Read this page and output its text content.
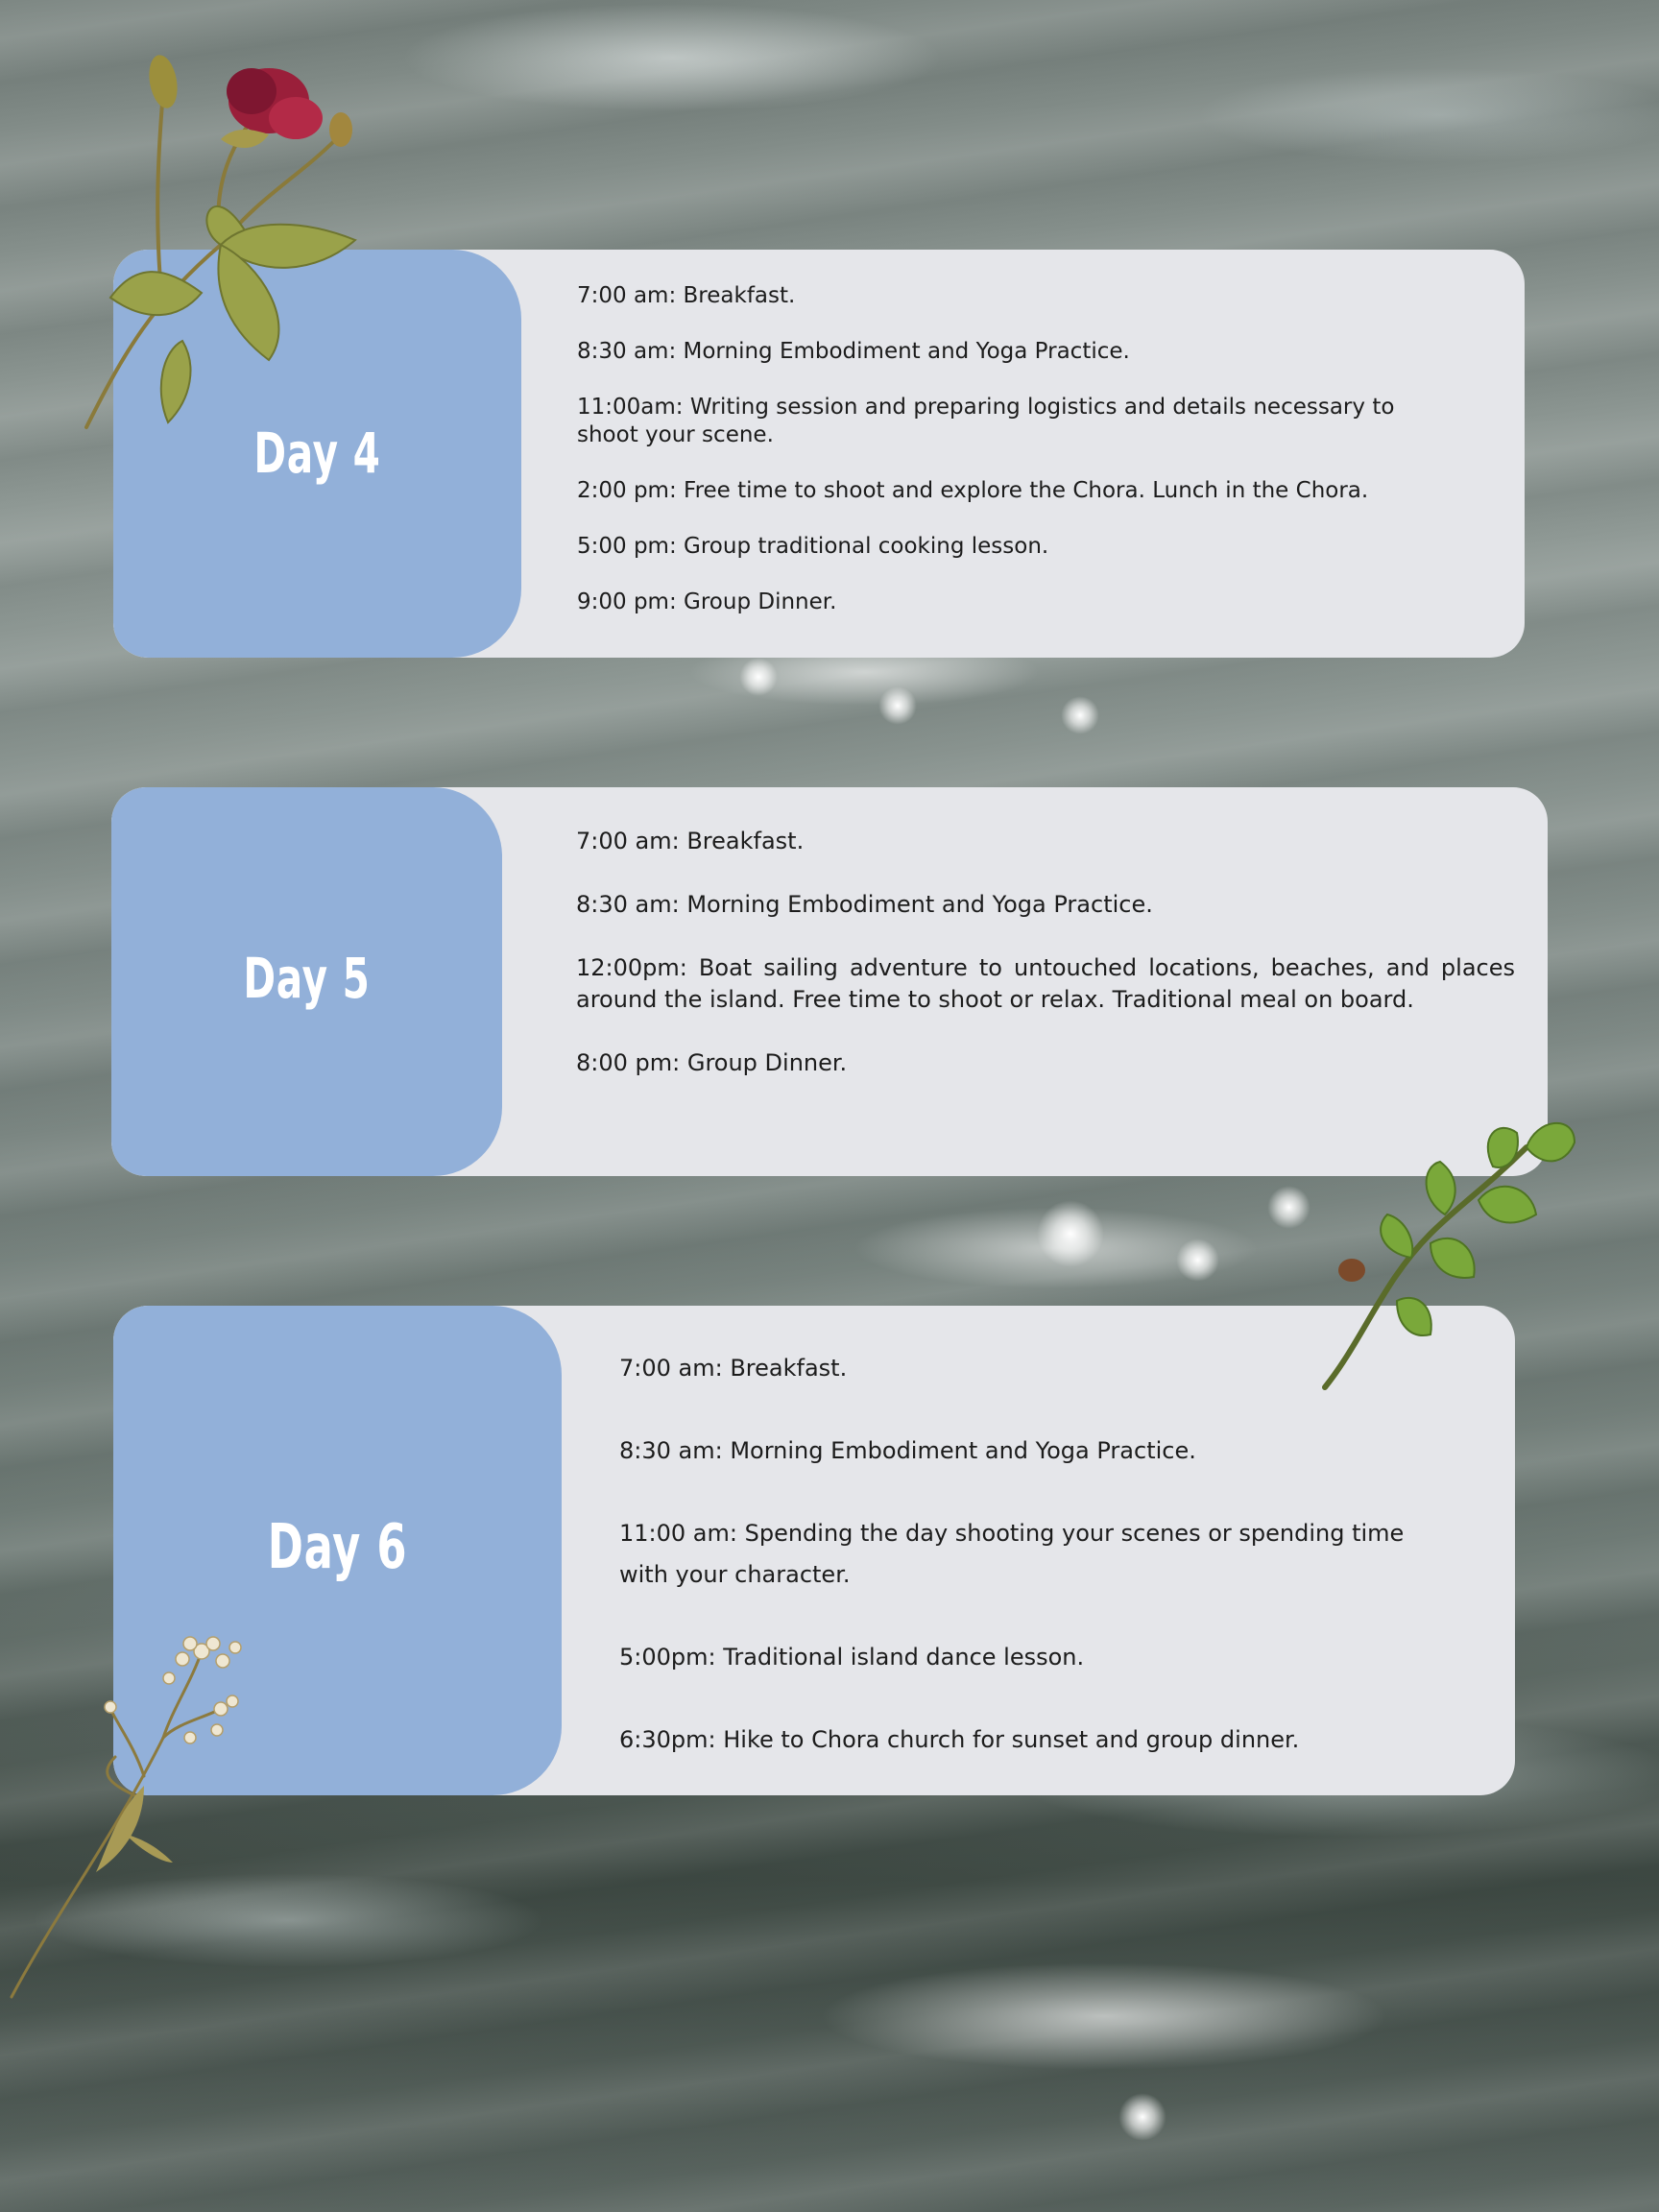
Day 4
7:00 am: Breakfast.
8:30 am: Morning Embodiment and Yoga Practice.
11:00am: Writing session and preparing logistics and details necessary to shoot your scene.
2:00 pm: Free time to shoot and explore the Chora. Lunch in the Chora.
5:00 pm: Group traditional cooking lesson.
9:00 pm: Group Dinner.
Day 5
7:00 am: Breakfast.
8:30 am: Morning Embodiment and Yoga Practice.
12:00pm: Boat sailing adventure to untouched locations, beaches, and places around the island. Free time to shoot or relax. Traditional meal on board.
8:00 pm: Group Dinner.
Day 6
7:00 am: Breakfast.
8:30 am: Morning Embodiment and Yoga Practice.
11:00 am: Spending the day shooting your scenes or spending time with your character.
5:00pm: Traditional island dance lesson.
6:30pm: Hike to Chora church for sunset and group dinner.
